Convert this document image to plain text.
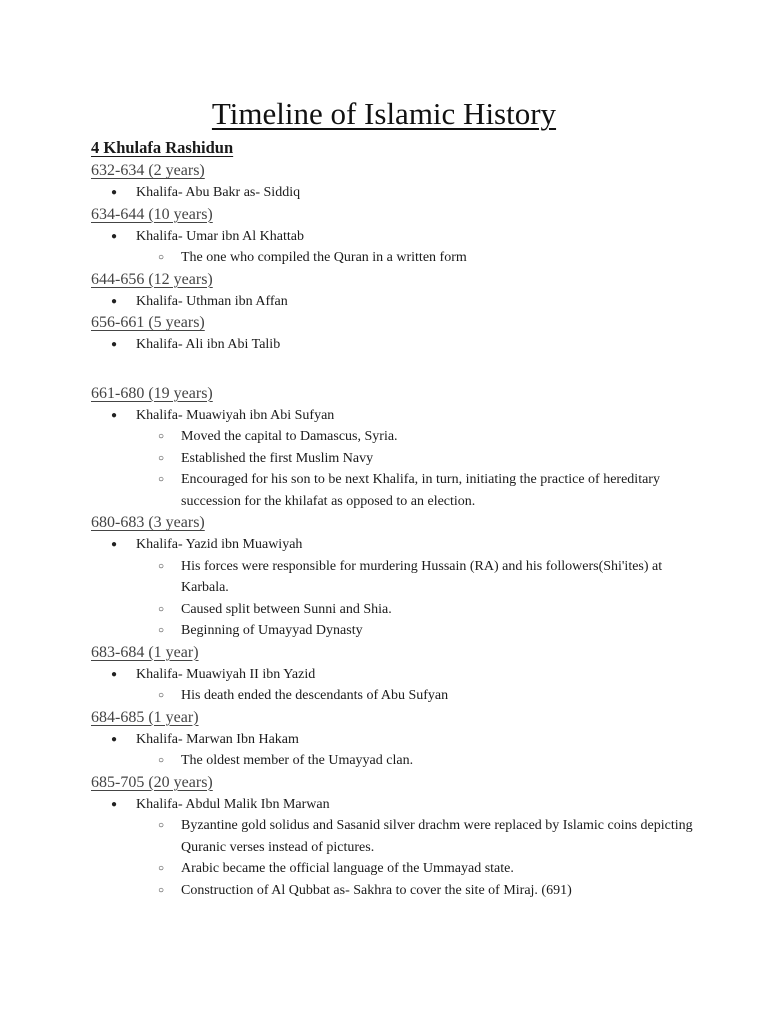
Timeline of Islamic History
4 Khulafa Rashidun

632-634 (2 years)

● Khalifa- Abu Bakr as- Siddiq

634-644 (10 years)

● Khalifa- Umar ibn Al Khattab

○ The one who compiled the Quran in a written form

644-656 (12 years)

● Khalifa- Uthman ibn Affan

656-661 (5 years)

● Khalifa- Ali ibn Abi Talib

661-680 (19 years)

● Khalifa- Muawiyah ibn Abi Sufyan

○ Moved the capital to Damascus, Syria.

○ Established the first Muslim Navy

○ Encouraged for his son to be next Khalifa, in turn, initiating the practice of hereditary succession for the khilafat as opposed to an election.

680-683 (3 years)

● Khalifa- Yazid ibn Muawiyah

○ His forces were responsible for murdering Hussain (RA) and his followers(Shi'ites) at Karbala.

○ Caused split between Sunni and Shia.

○ Beginning of Umayyad Dynasty

683-684 (1 year)

● Khalifa- Muawiyah II ibn Yazid

○ His death ended the descendants of Abu Sufyan

684-685 (1 year)

● Khalifa- Marwan Ibn Hakam

○ The oldest member of the Umayyad clan.

685-705 (20 years)

● Khalifa- Abdul Malik Ibn Marwan

○ Byzantine gold solidus and Sasanid silver drachm were replaced by Islamic coins depicting Quranic verses instead of pictures.

○ Arabic became the official language of the Ummayad state.

○ Construction of Al Qubbat as- Sakhra to cover the site of Miraj. (691)
